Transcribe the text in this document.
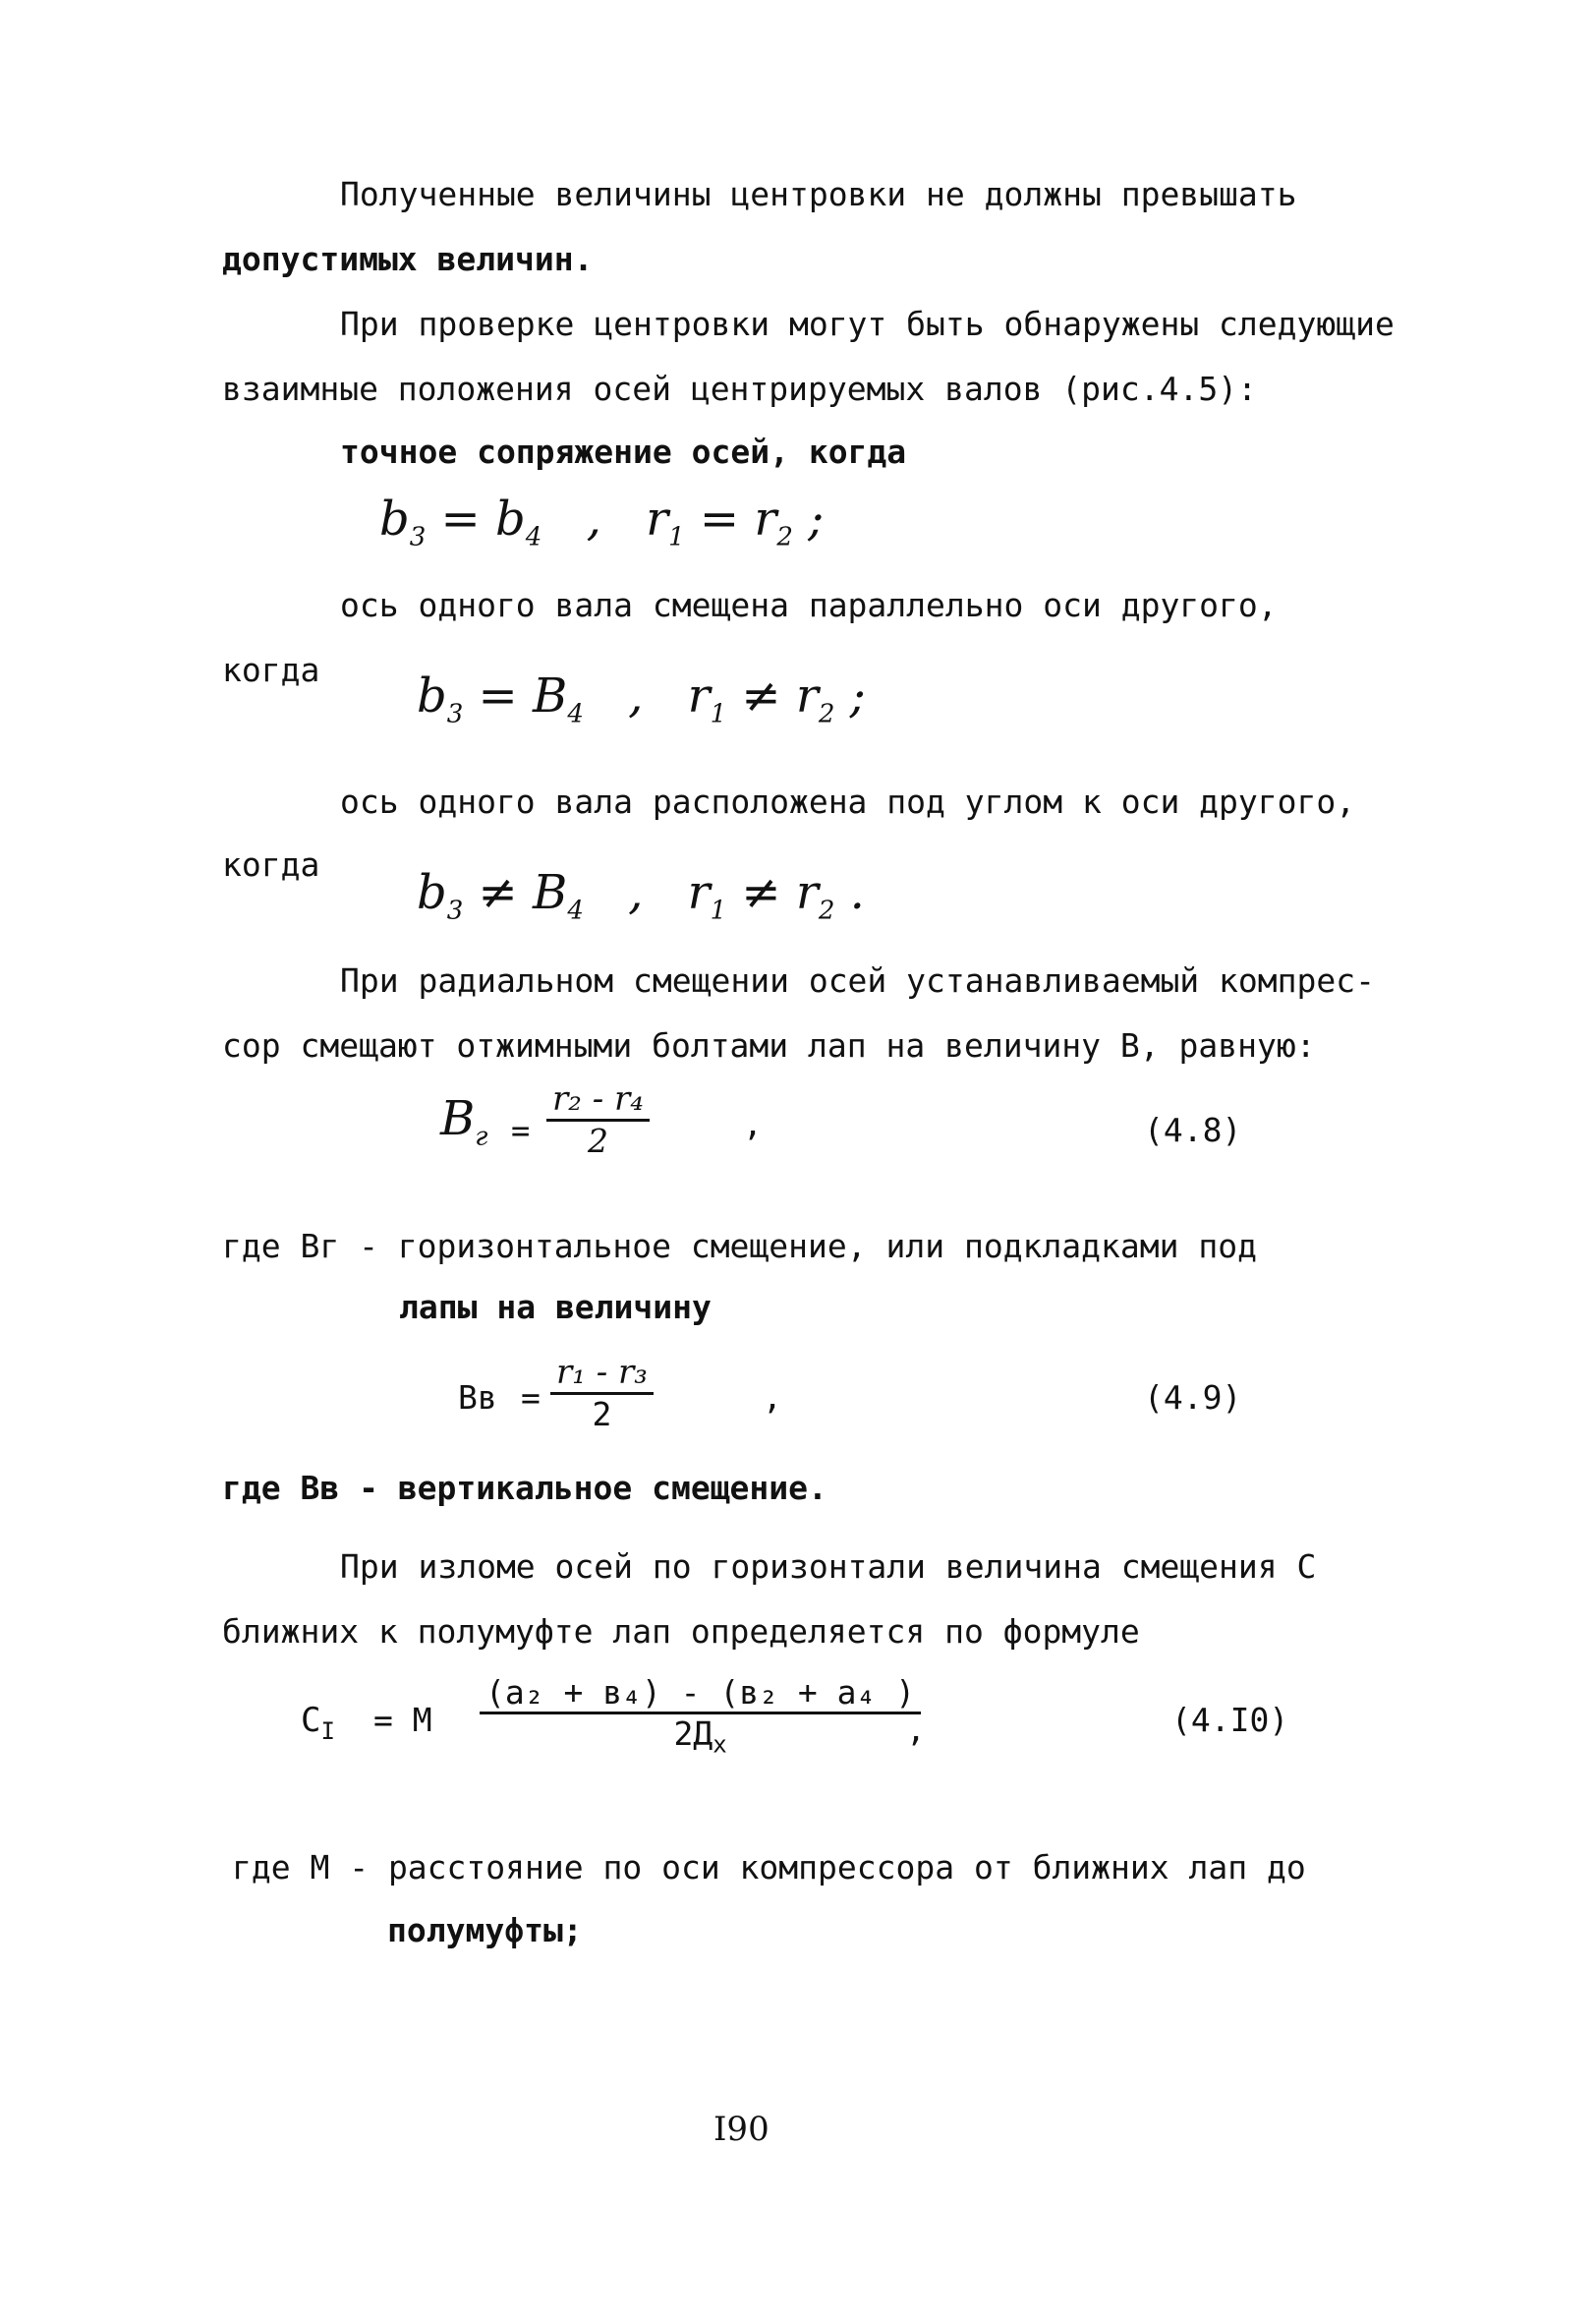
Полученные величины центровки не должны превышать
допустимых величин.
При проверке центровки могут быть обнаружены следующие
взаимные положения осей центрируемых валов (рис.4.5):
точное сопряжение осей, когда
$b_3 = b_4$ , $r_1 = r_2$ ;
ось одного вала смещена параллельно оси другого,
когда $b_3 = B_4$ , $r_1 \ne r_2$ ;
ось одного вала расположена под углом к оси другого,
когда
$b_3 \ne B_4$ , $r_1 \ne r_2$ .
При радиальном смещении осей устанавливаемый компрес-
сор смещают отжимными болтами лап на величину В, равную:
$B_г$ =
r₂ - r₄
2	,	(4.8)
где Вг - горизонтальное смещение, или подкладками под
лапы на величину
Вв =
r₁ - r₃
2	,	(4.9)
где Вв - вертикальное смещение.
При изломе осей по горизонтали величина смещения С
ближних к полумуфте лап определяется по формуле
$С_I = М$
(а₂ + в₄) - (в₂ + а₄ )
$2Д_х$	,	(4.I0)
где М - расстояние по оси компрессора от ближних лап до
полумуфты;
I90
